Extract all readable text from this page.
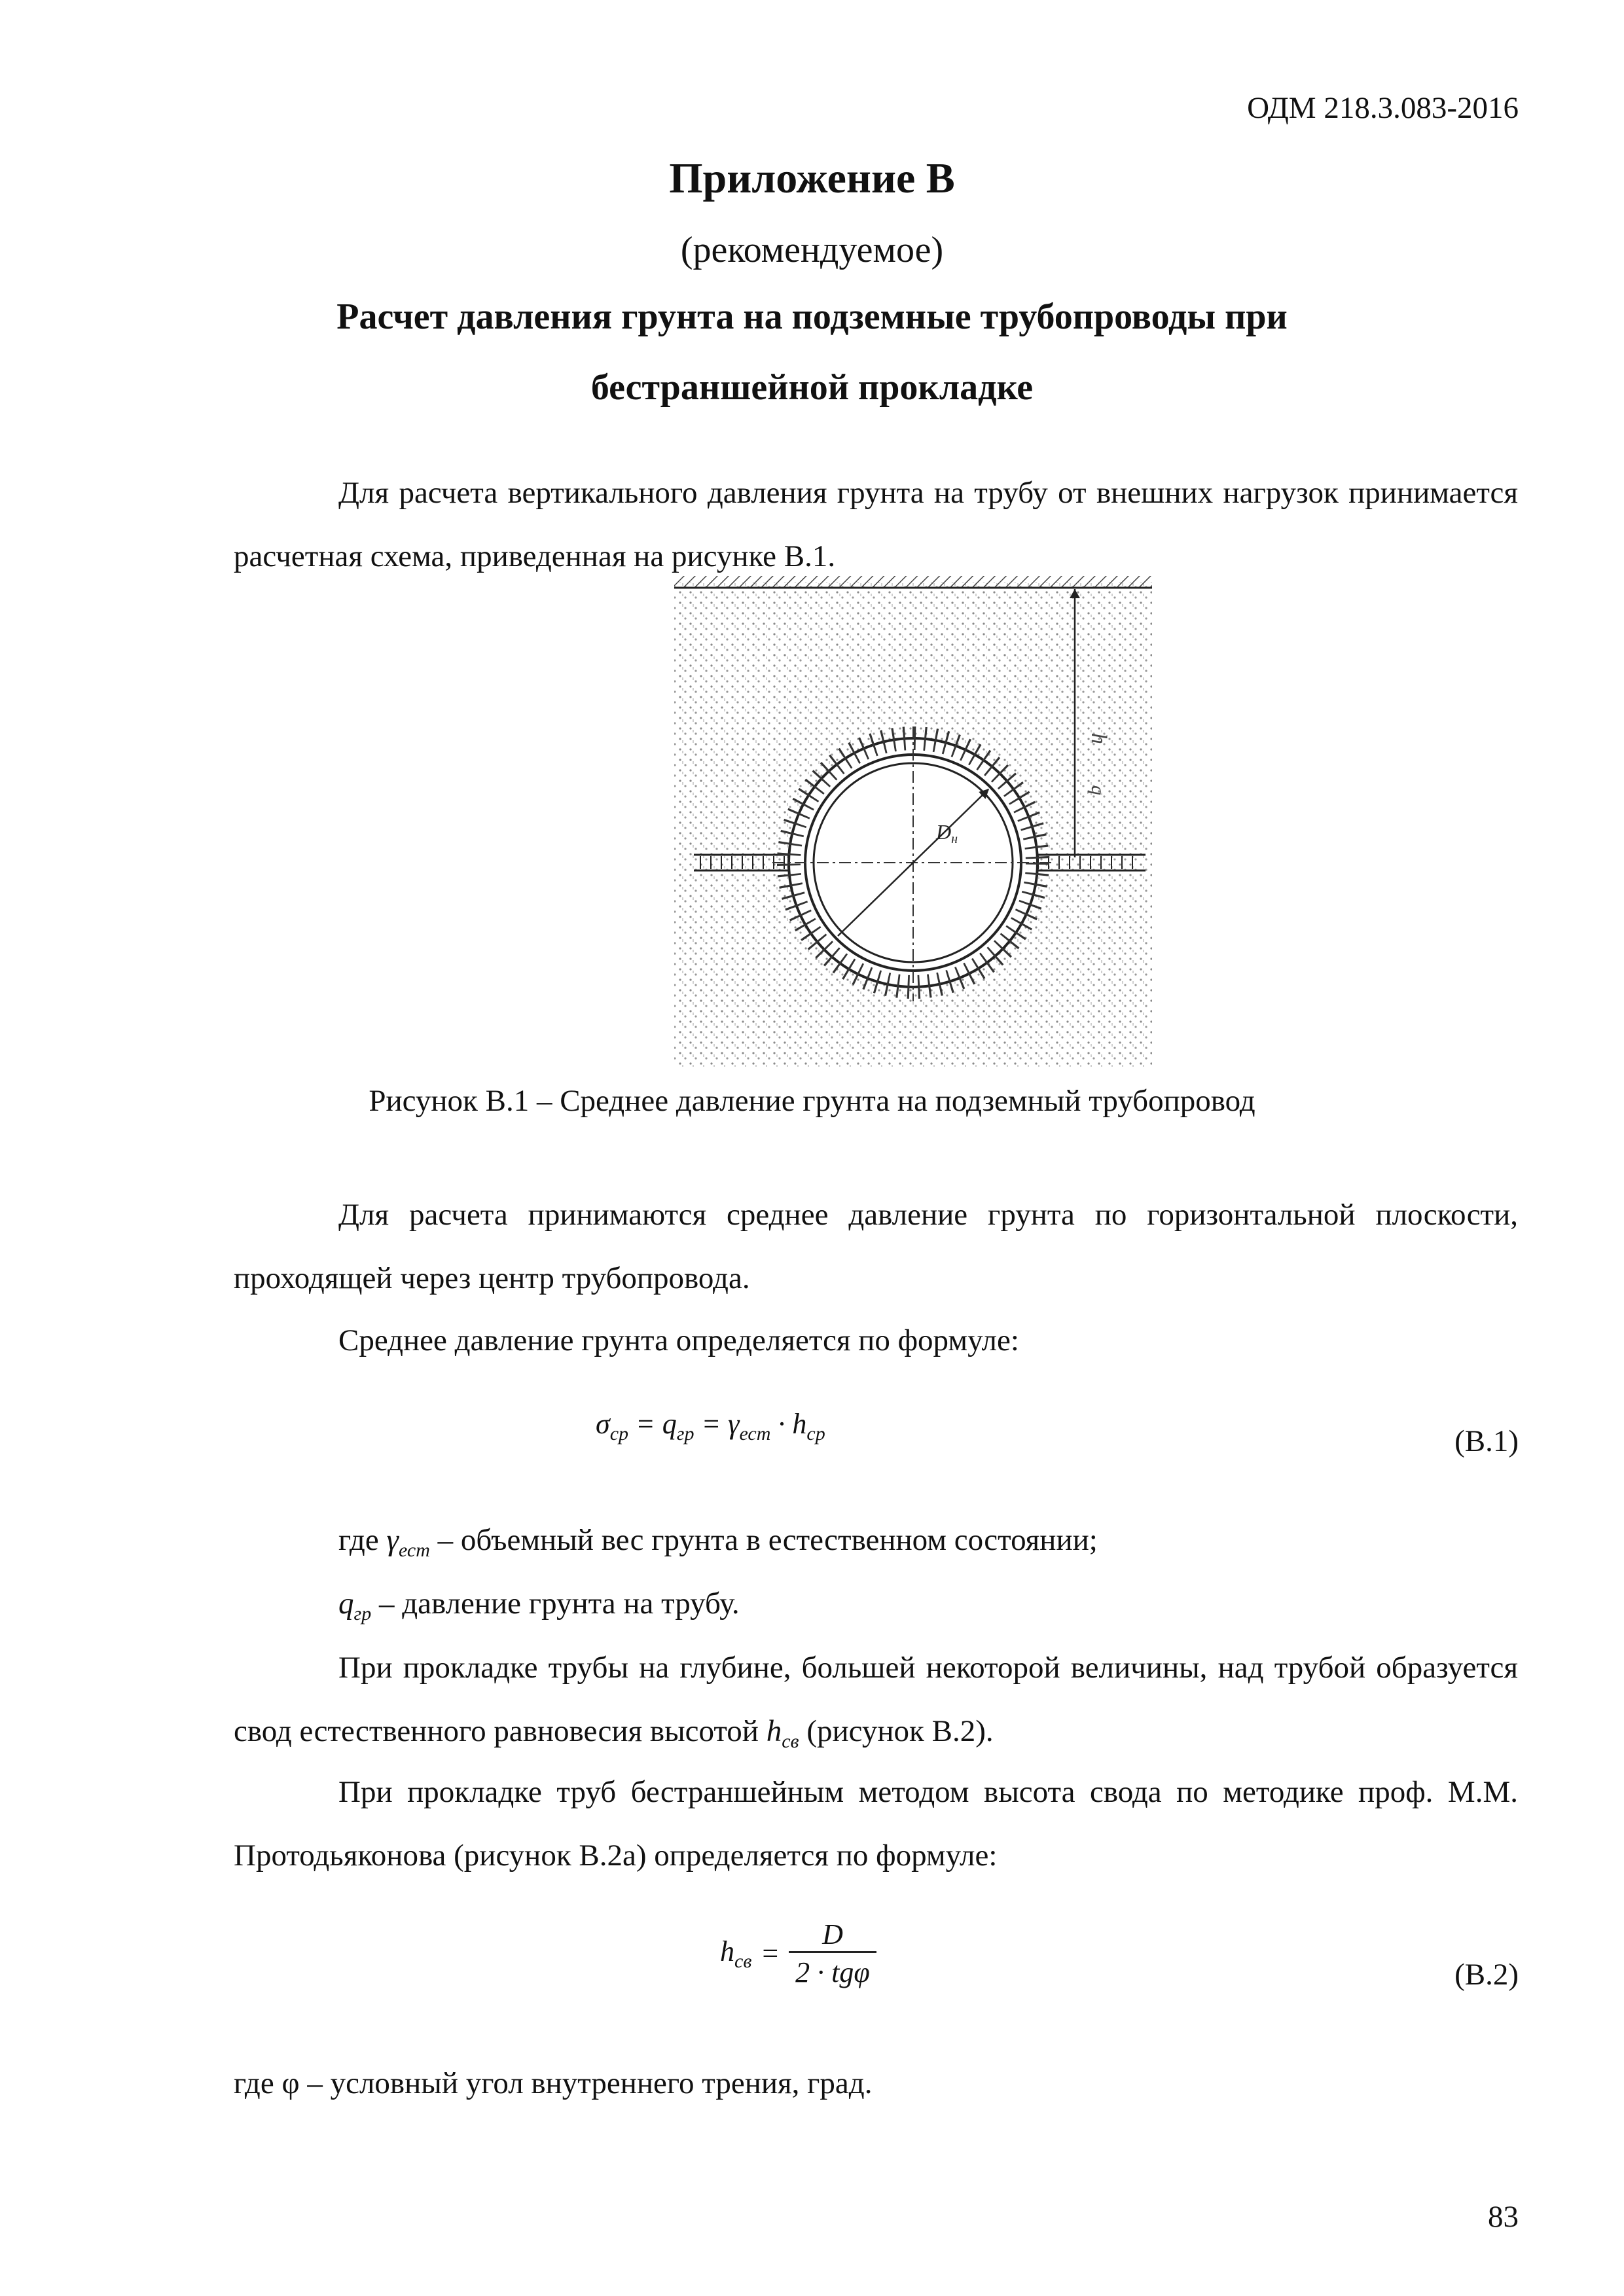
ОДМ 218.3.083-2016
Приложение В
(рекомендуемое)
Расчет давления грунта на подземные трубопроводы при
бестраншейной прокладке
Для расчета вертикального давления грунта на трубу от внешних нагрузок принимается расчетная схема, приведенная на рисунке В.1.
Dн
h
q
Рисунок В.1 – Среднее давление грунта на подземный трубопровод
Для расчета принимаются среднее давление грунта по горизонтальной плоскости, проходящей через центр трубопровода.
Среднее давление грунта определяется по формуле:
$\sigma_{ср} = q_{гр} = \gamma_{ест} \cdot h_{ср}$	(В.1)
где $\gamma_{ест}$ – объемный вес грунта в естественном состоянии;
$q_{гр}$ – давление грунта на трубу.
При прокладке трубы на глубине, большей некоторой величины, над трубой образуется свод естественного равновесия высотой $h_{св}$ (рисунок В.2).
При прокладке труб бестраншейным методом высота свода по методике проф. М.М. Протодьяконова (рисунок В.2а) определяется по формуле:
$h_{св}$ =
D
2 · tgφ	(В.2)
где φ – условный угол внутреннего трения, град.
83
